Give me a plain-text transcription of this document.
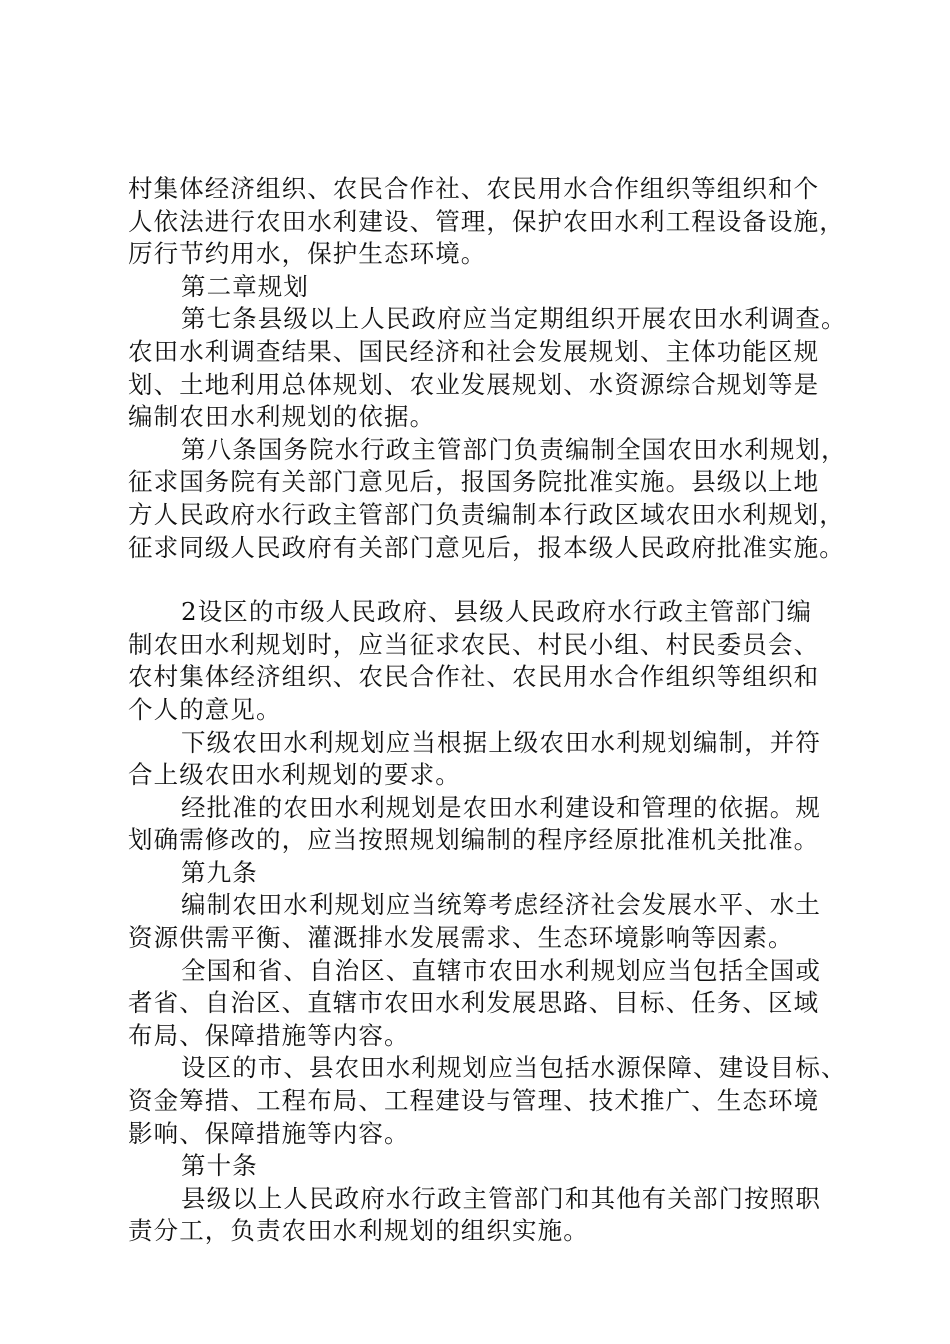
村集体经济组织、农民合作社、农民用水合作组织等组织和个
人依法进行农田水利建设、管理，保护农田水利工程设备设施，
厉行节约用水，保护生态环境。
第二章规划
第七条县级以上人民政府应当定期组织开展农田水利调查。
农田水利调查结果、国民经济和社会发展规划、主体功能区规
划、土地利用总体规划、农业发展规划、水资源综合规划等是
编制农田水利规划的依据。
第八条国务院水行政主管部门负责编制全国农田水利规划，
征求国务院有关部门意见后，报国务院批准实施。县级以上地
方人民政府水行政主管部门负责编制本行政区域农田水利规划，
征求同级人民政府有关部门意见后，报本级人民政府批准实施。
2设区的市级人民政府、县级人民政府水行政主管部门编
制农田水利规划时，应当征求农民、村民小组、村民委员会、
农村集体经济组织、农民合作社、农民用水合作组织等组织和
个人的意见。
下级农田水利规划应当根据上级农田水利规划编制，并符
合上级农田水利规划的要求。
经批准的农田水利规划是农田水利建设和管理的依据。规
划确需修改的，应当按照规划编制的程序经原批准机关批准。
第九条
编制农田水利规划应当统筹考虑经济社会发展水平、水土
资源供需平衡、灌溉排水发展需求、生态环境影响等因素。
全国和省、自治区、直辖市农田水利规划应当包括全国或
者省、自治区、直辖市农田水利发展思路、目标、任务、区域
布局、保障措施等内容。
设区的市、县农田水利规划应当包括水源保障、建设目标、
资金筹措、工程布局、工程建设与管理、技术推广、生态环境
影响、保障措施等内容。
第十条
县级以上人民政府水行政主管部门和其他有关部门按照职
责分工，负责农田水利规划的组织实施。
